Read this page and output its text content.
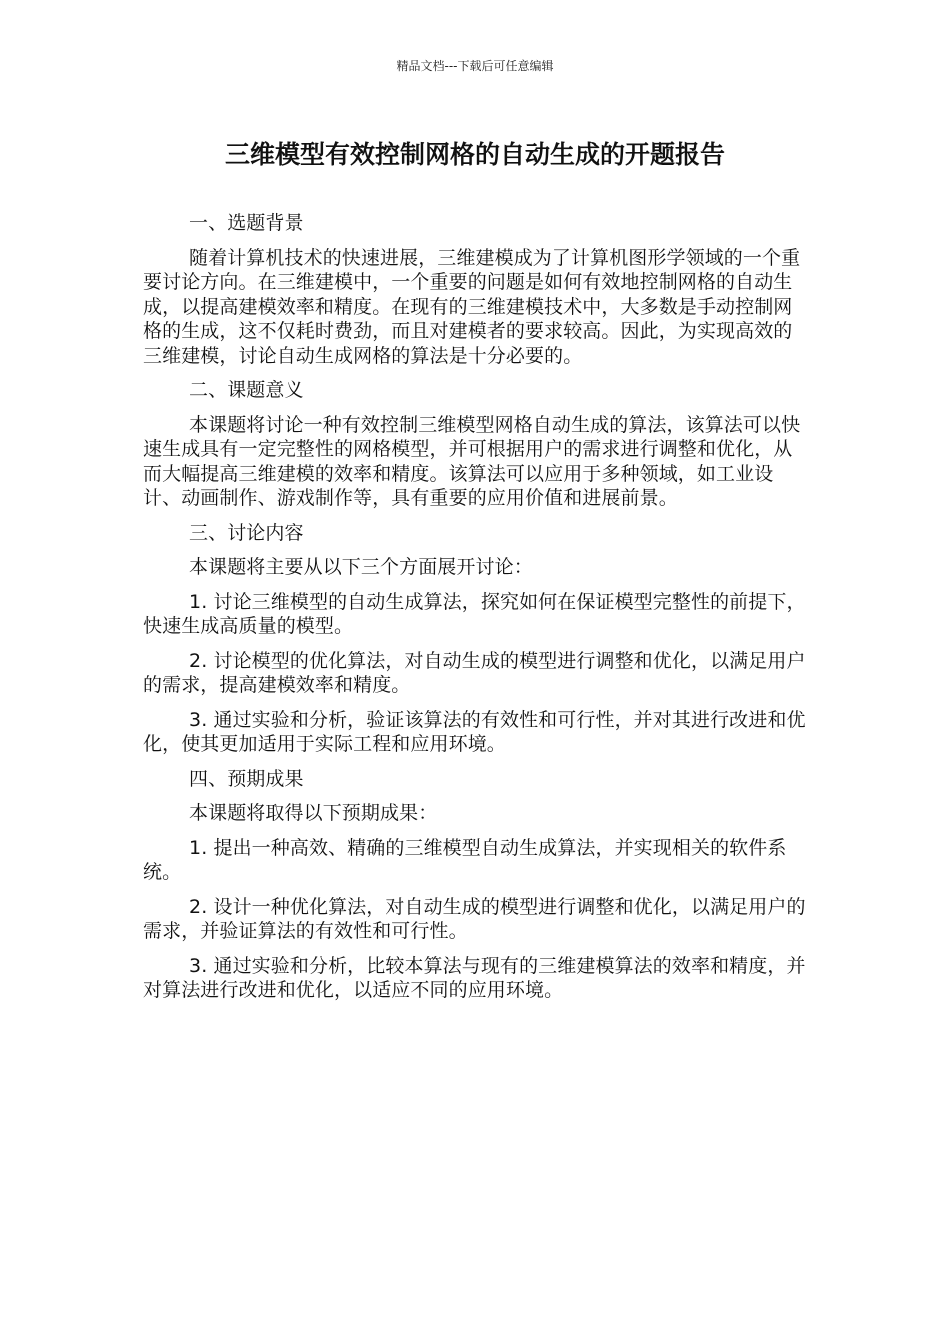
精品文档---下载后可任意编辑
三维模型有效控制网格的自动生成的开题报告

一、选题背景

随着计算机技术的快速进展，三维建模成为了计算机图形学领域的一个重要讨论方向。在三维建模中，一个重要的问题是如何有效地控制网格的自动生成，以提高建模效率和精度。在现有的三维建模技术中，大多数是手动控制网格的生成，这不仅耗时费劲，而且对建模者的要求较高。因此，为实现高效的三维建模，讨论自动生成网格的算法是十分必要的。

二、课题意义

本课题将讨论一种有效控制三维模型网格自动生成的算法，该算法可以快速生成具有一定完整性的网格模型，并可根据用户的需求进行调整和优化，从而大幅提高三维建模的效率和精度。该算法可以应用于多种领域，如工业设计、动画制作、游戏制作等，具有重要的应用价值和进展前景。

三、讨论内容

本课题将主要从以下三个方面展开讨论：

1. 讨论三维模型的自动生成算法，探究如何在保证模型完整性的前提下，快速生成高质量的模型。

2. 讨论模型的优化算法，对自动生成的模型进行调整和优化，以满足用户的需求，提高建模效率和精度。

3. 通过实验和分析，验证该算法的有效性和可行性，并对其进行改进和优化，使其更加适用于实际工程和应用环境。

四、预期成果

本课题将取得以下预期成果：

1. 提出一种高效、精确的三维模型自动生成算法，并实现相关的软件系统。

2. 设计一种优化算法，对自动生成的模型进行调整和优化，以满足用户的需求，并验证算法的有效性和可行性。

3. 通过实验和分析，比较本算法与现有的三维建模算法的效率和精度，并对算法进行改进和优化，以适应不同的应用环境。
